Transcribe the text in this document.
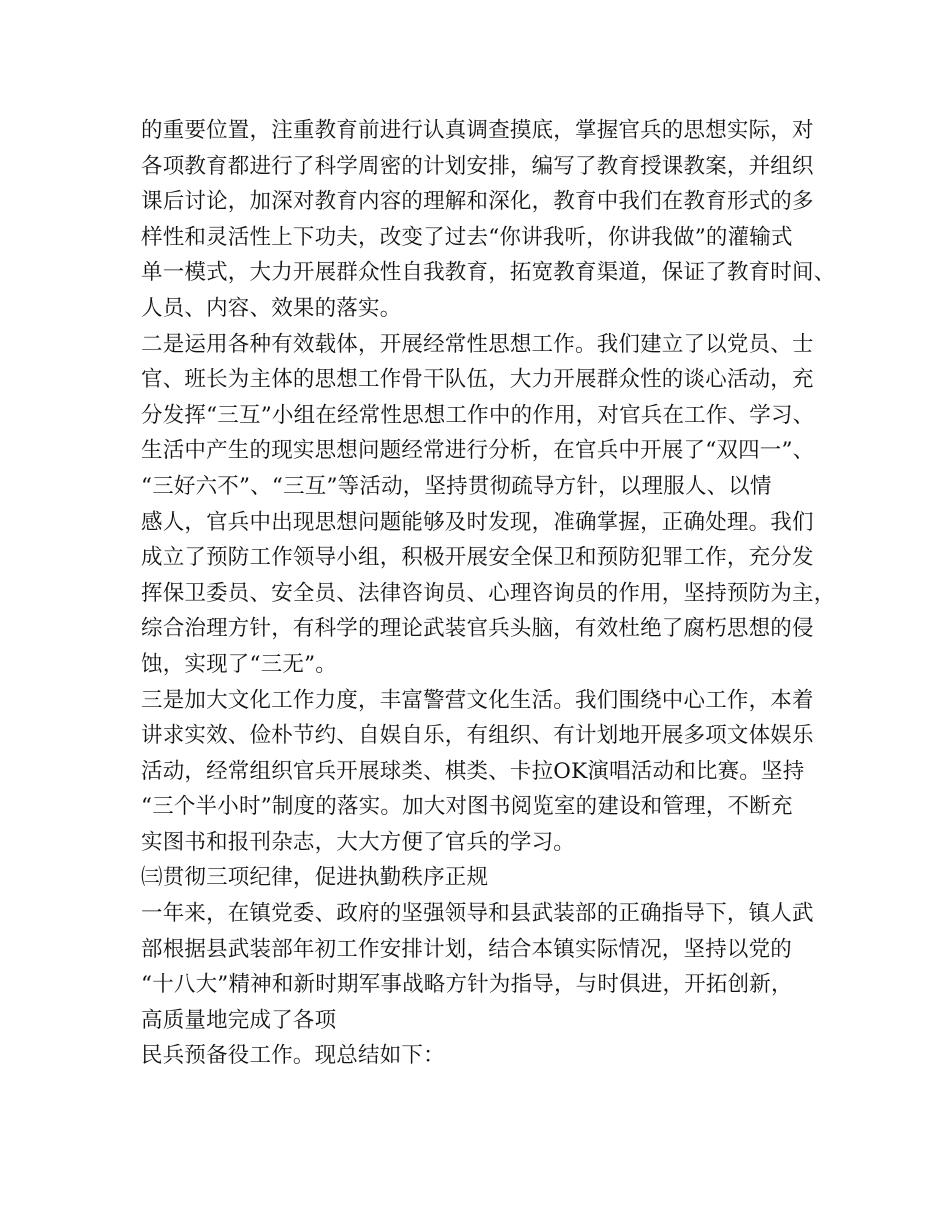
的重要位置，注重教育前进行认真调查摸底，掌握官兵的思想实际，对
各项教育都进行了科学周密的计划安排，编写了教育授课教案，并组织
课后讨论，加深对教育内容的理解和深化，教育中我们在教育形式的多
样性和灵活性上下功夫，改变了过去“你讲我听，你讲我做”的灌输式
单一模式，大力开展群众性自我教育，拓宽教育渠道，保证了教育时间、
人员、内容、效果的落实。
二是运用各种有效载体，开展经常性思想工作。我们建立了以党员、士
官、班长为主体的思想工作骨干队伍，大力开展群众性的谈心活动，充
分发挥“三互”小组在经常性思想工作中的作用，对官兵在工作、学习、
生活中产生的现实思想问题经常进行分析，在官兵中开展了“双四一”、
“三好六不”、“三互”等活动，坚持贯彻疏导方针，以理服人、以情
感人，官兵中出现思想问题能够及时发现，准确掌握，正确处理。我们
成立了预防工作领导小组，积极开展安全保卫和预防犯罪工作，充分发
挥保卫委员、安全员、法律咨询员、心理咨询员的作用，坚持预防为主，
综合治理方针，有科学的理论武装官兵头脑，有效杜绝了腐朽思想的侵
蚀，实现了“三无”。
三是加大文化工作力度，丰富警营文化生活。我们围绕中心工作，本着
讲求实效、俭朴节约、自娱自乐，有组织、有计划地开展多项文体娱乐
活动，经常组织官兵开展球类、棋类、卡拉OK演唱活动和比赛。坚持
“三个半小时”制度的落实。加大对图书阅览室的建设和管理，不断充
实图书和报刊杂志，大大方便了官兵的学习。
㈢贯彻三项纪律，促进执勤秩序正规
一年来，在镇党委、政府的坚强领导和县武装部的正确指导下，镇人武
部根据县武装部年初工作安排计划，结合本镇实际情况，坚持以党的
“十八大”精神和新时期军事战略方针为指导，与时俱进，开拓创新，
高质量地完成了各项
民兵预备役工作。现总结如下：
